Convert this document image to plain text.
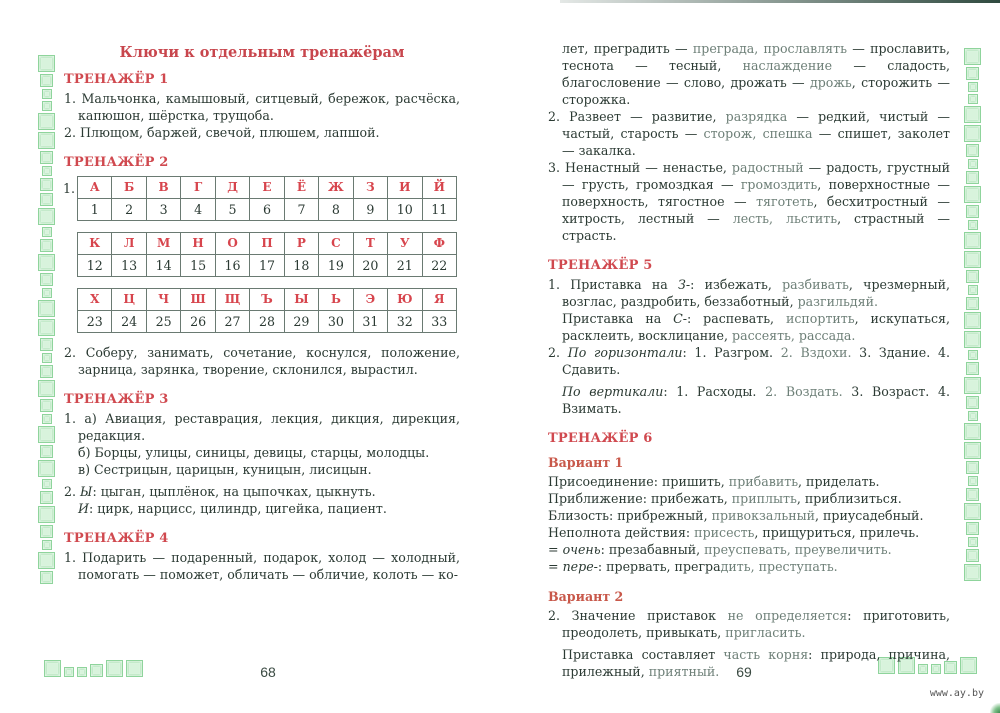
Ключи к отдельным тренажёрам
ТРЕНАЖЁР 1

1. Мальчонка, камышовый, ситцевый, бережок, расчёска, капюшон, шёрстка, трущоба.

2. Плющом, баржей, свечой, плюшем, лапшой.

ТРЕНАЖЁР 2
1. А	Б	В	Г	Д	Е	Ё	Ж	З	И	Й
1	2	3	4	5	6	7	8	9	10	11
К	Л	М	Н	О	П	Р	С	Т	У	Ф
12	13	14	15	16	17	18	19	20	21	22
Х	Ц	Ч	Ш	Щ	Ъ	Ы	Ь	Э	Ю	Я
23	24	25	26	27	28	29	30	31	32	33

2. Соберу, занимать, сочетание, коснулся, положение, зарница, зарянка, творение, склонился, вырастил.

ТРЕНАЖЁР 3

1. а) Авиация, реставрация, лекция, дикция, дирекция, редакция.

б) Борцы, улицы, синицы, девицы, старцы, молодцы.

в) Сестрицын, царицын, куницын, лисицын.

2. Ы: цыган, цыплёнок, на цыпочках, цыкнуть.

И: цирк, нарцисс, цилиндр, цигейка, пациент.

ТРЕНАЖЁР 4

1. Подарить — подаренный, подарок, холод — холодный, помогать — поможет, обличать — обличие, колоть — ко-

68

лет, преградить — преграда, прославлять — прославить, теснота — тесный, наслаждение — сладость, благословение — слово, дрожать — дрожь, сторожить — сторожка.

2. Развеет — развитие, разрядка — редкий, чистый — частый, старость — сторож, спешка — спишет, заколет — закалка.

3. Ненастный — ненастье, радостный — радость, грустный — грусть, громоздкая — громоздить, поверхностные — поверхность, тягостное — тяготеть, бесхитростный — хитрость, лестный — лесть, льстить, страстный — страсть.

ТРЕНАЖЁР 5

1. Приставка на З-: избежать, разбивать, чрезмерный, возглас, раздробить, беззаботный, разгильдяй.

Приставка на С-: распевать, испортить, искупаться, расклеить, восклицание, рассеять, рассада.

2. По горизонтали: 1. Разгром. 2. Вздохи. 3. Здание. 4. Сдавить.

По вертикали: 1. Расходы. 2. Воздать. 3. Возраст. 4. Взимать.

ТРЕНАЖЁР 6
Вариант 1

Присоединение: пришить, прибавить, приделать.

Приближение: прибежать, приплыть, приблизиться.

Близость: прибрежный, привокзальный, приусадебный.

Неполнота действия: присесть, прищуриться, прилечь.

= очень: презабавный, преуспевать, преувеличить.

= пере-: прервать, преградить, преступать.

Вариант 2

2. Значение приставок не определяется: приготовить, преодолеть, привыкать, пригласить.

Приставка составляет часть корня: природа, причина, прилежный, приятный.	69
www.ay.by
